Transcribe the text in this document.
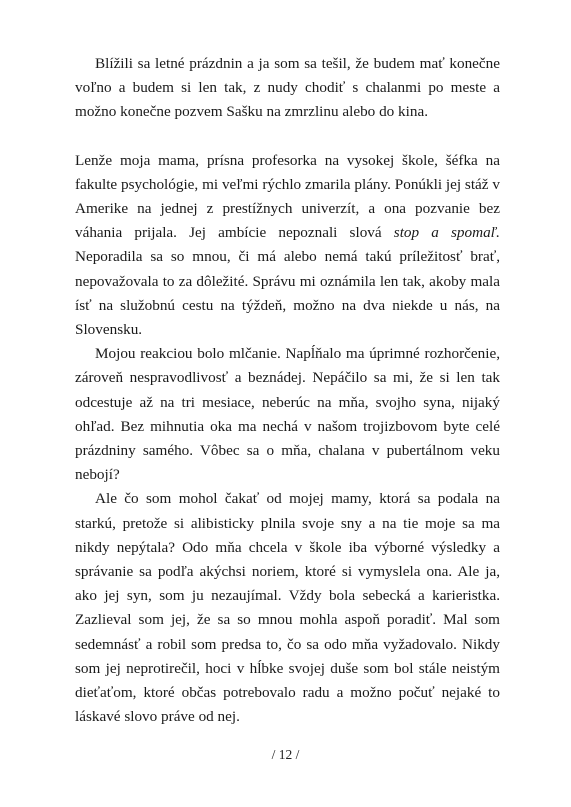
Blížili sa letné prázdnin a ja som sa tešil, že budem mať konečne voľno a budem si len tak, z nudy chodiť s chalanmi po meste a možno konečne pozvem Sašku na zmrzlinu alebo do kina.

Lenže moja mama, prísna profesorka na vysokej škole, šéfka na fakulte psychológie, mi veľmi rýchlo zmarila plány. Ponúkli jej stáž v Amerike na jednej z prestížnych univerzít, a ona pozvanie bez váhania prijala. Jej ambície nepoznali slová stop a spomaľ. Neporadila sa so mnou, či má alebo nemá takú príležitosť brať, nepovažovala to za dôležité. Správu mi oznámila len tak, akoby mala ísť na služobnú cestu na týždeň, možno na dva niekde u nás, na Slovensku.

Mojou reakciou bolo mlčanie. Napĺňalo ma úprimné rozhorčenie, zároveň nespravodlivosť a beznádej. Nepáčilo sa mi, že si len tak odcestuje až na tri mesiace, neberúc na mňa, svojho syna, nijaký ohľad. Bez mihnutia oka ma nechá v našom trojizbovom byte celé prázdniny samého. Vôbec sa o mňa, chalana v pubertálnom veku nebojí?

Ale čo som mohol čakať od mojej mamy, ktorá sa podala na starkú, pretože si alibisticky plnila svoje sny a na tie moje sa ma nikdy nepýtala? Odo mňa chcela v škole iba výborné výsledky a správanie sa podľa akýchsi noriem, ktoré si vymyslela ona. Ale ja, ako jej syn, som ju nezaujímal. Vždy bola sebecká a karieristka. Zazlieval som jej, že sa so mnou mohla aspoň poradiť. Mal som sedemnásť a robil som predsa to, čo sa odo mňa vyžadovalo. Nikdy som jej neprotirečil, hoci v hĺbke svojej duše som bol stále neistým dieťaťom, ktoré občas potrebovalo radu a možno počuť nejaké to láskavé slovo práve od nej.

/ 12 /
